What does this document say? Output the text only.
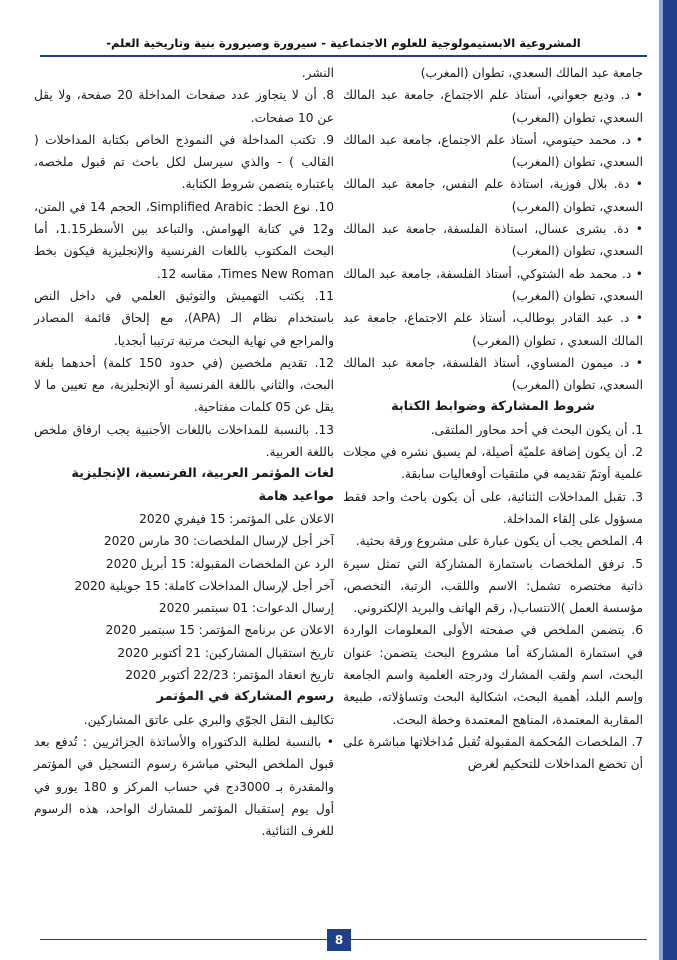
المشروعية الابستيمولوجية للعلوم الاجتماعية - سيرورة وصيرورة بنية وتاريخية العلم-

جامعة عبد المالك السعدي، تطوان (المغرب)

• د. وديع جعواني، أستاذ علم الاجتماع، جامعة عبد المالك السعدي، تطوان (المغرب)

• د. محمد حيتومي، أستاذ علم الاجتماع، جامعة عبد المالك السعدي، تطوان (المغرب)

• دة. بلال فوزية، استاذة علم النفس، جامعة عبد المالك السعدي، تطوان (المغرب)

• دة. بشرى عسال، استاذة الفلسفة، جامعة عبد المالك السعدي، تطوان (المغرب)

• د. محمد طه الشتوكي، أستاذ الفلسفة، جامعة عبد المالك السعدي، تطوان (المغرب)

• د. عبد القادر بوطالب، أستاذ علم الاجتماع، جامعة عبد المالك السعدي ، تطوان (المغرب)

• د. ميمون المساوي، أستاذ الفلسفة، جامعة عبد المالك السعدي، تطوان (المغرب)

شروط المشاركة وضوابط الكتابة

1. أن يكون البحث في أحد محاور الملتقى.

2. أن يكون إضافة علميّة أصيلة، لم يسبق نشره في مجلات علمية أوتمّ تقديمه في ملتقيات أوفعاليات سابقة.

3. تقبل المداخلات الثنائية، على أن يكون باحث واحد فقط مسؤول على إلقاء المداخلة.

4. الملخص يجب أن يكون عبارة على مشروع ورقة بحثية.

5. ترفق الملخصات باستمارة المشاركة التي تمثل سيرة ذاتية مختصره تشمل: الاسم واللقب، الرتبة، التخصص، مؤسسة العمل )الانتساب(، رقم الهاتف والبريد الإلكتروني.

6. يتضمن الملخص في صفحته الأولى المعلومات الواردة في استمارة المشاركة أما مشروع البحث يتضمن: عنوان البحث، اسم ولقب المشارك ودرجته العلمية واسم الجامعة وإسم البلد، أهمية البحث، اشكالية البحث وتساؤلاته، طبيعة المقاربة المعتمدة، المناهج المعتمدة وخطة البحث.

7. الملخصات المُحكمة المقبولة تُقبل مُداخلاتها مباشرة على أن تخضع المداخلات للتحكيم لغرض

النشر.

8. أن لا يتجاوز عدد صفحات المداخلة 20 صفحة، ولا يقل عن 10 صفحات.

9. تكتب المداخلة في النموذج الخاص بكتابة المداخلات ( القالب ) - والذي سيرسل لكل باحث تم قبول ملخصه، باعتباره يتضمن شروط الكتابة.

10. نوع الخط: Simplified Arabic، الحجم 14 في المتن، و12 في كتابة الهوامش. والتباعد بين الأسطر1.15، أما البحث المكتوب باللغات الفرنسية والإنجليزية فيكون بخط Times New Roman، مقاسه 12.

11. يكتب التهميش والتوثيق العلمي في داخل النص باستخدام نظام الـ (APA)، مع إلحاق قائمة المصادر والمراجع في نهاية البحث مرتبة ترتيبا أبجديا.

12. تقديم ملخصين (في حدود 150 كلمة) أحدهما بلغة البحث، والثاني باللغة الفرنسية أو الإنجليزية، مع تعيين ما لا يقل عن 05 كلمات مفتاحية.

13. بالنسبة للمداخلات باللغات الأجنبية يجب ارفاق ملخص باللغة العربية.

لغات المؤتمر العربية، الفرنسية، الإنجليزية

مواعيد هامة

الاعلان على المؤتمر: 15 فيفري 2020

آخر أجل لإرسال الملخصات: 30 مارس 2020

الرد عن الملخصات المقبولة: 15 أبريل 2020

آخر أجل لإرسال المداخلات كاملة: 15 جويلية 2020

إرسال الدعوات: 01 سبتمبر 2020

الاعلان عن برنامج المؤتمر: 15 سبتمبر 2020

تاريخ استقبال المشاركين: 21 أكتوبر 2020

تاريخ انعقاد المؤتمر: 22/23 أكتوبر 2020

رسوم المشاركة في المؤتمر

تكاليف النقل الجوّي والبري على عاتق المشاركين.

• بالنسبة لطلبة الدكتوراه والأساتذة الجزائريين : تُدفع بعد قبول الملخص البحثي مباشرة رسوم التسجيل في المؤتمر والمقدرة بـ 3000دج في حساب المركز و 180 يورو في أول يوم إستقبال المؤتمر للمشارك الواحد، هذه الرسوم للغرف الثنائية.

8
